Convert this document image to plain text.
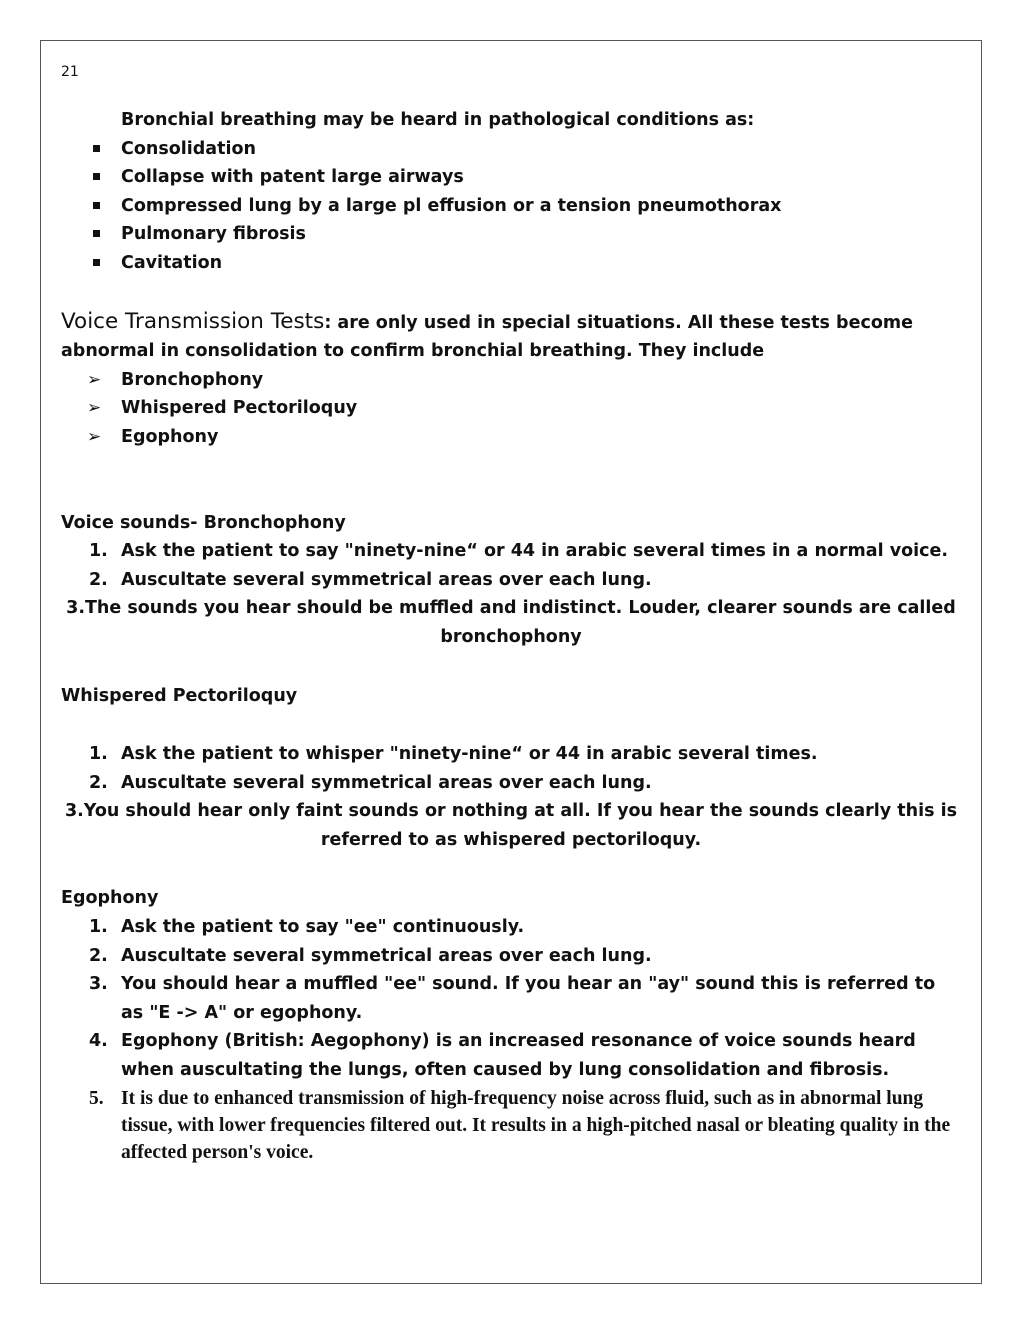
21
Bronchial breathing may be heard in pathological conditions as:
Consolidation
Collapse with patent large airways
Compressed lung by a large pl effusion or a tension pneumothorax
Pulmonary fibrosis
Cavitation
Voice Transmission Tests: are only used in special situations. All these tests become
abnormal in consolidation to confirm bronchial breathing. They include
➢	Bronchophony
➢	Whispered Pectoriloquy
➢	Egophony
Voice sounds- Bronchophony
1. Ask the patient to say "ninety-nine“ or 44 in arabic several times in a normal voice.
2. Auscultate several symmetrical areas over each lung.
3.The sounds you hear should be muffled and indistinct. Louder, clearer sounds are called
bronchophony
Whispered Pectoriloquy
1. Ask the patient to whisper "ninety-nine“ or 44 in arabic several times.
2. Auscultate several symmetrical areas over each lung.
3.You should hear only faint sounds or nothing at all. If you hear the sounds clearly this is
referred to as whispered pectoriloquy.
Egophony
1. Ask the patient to say "ee" continuously.
2. Auscultate several symmetrical areas over each lung.
3. You should hear a muffled "ee" sound. If you hear an "ay" sound this is referred to as "E -> A" or egophony.
4. Egophony (British: Aegophony) is an increased resonance of voice sounds heard when auscultating the lungs, often caused by lung consolidation and fibrosis.
5. It is due to enhanced transmission of high-frequency noise across fluid, such as in abnormal lung tissue, with lower frequencies filtered out. It results in a high-pitched nasal or bleating quality in the affected person's voice.
